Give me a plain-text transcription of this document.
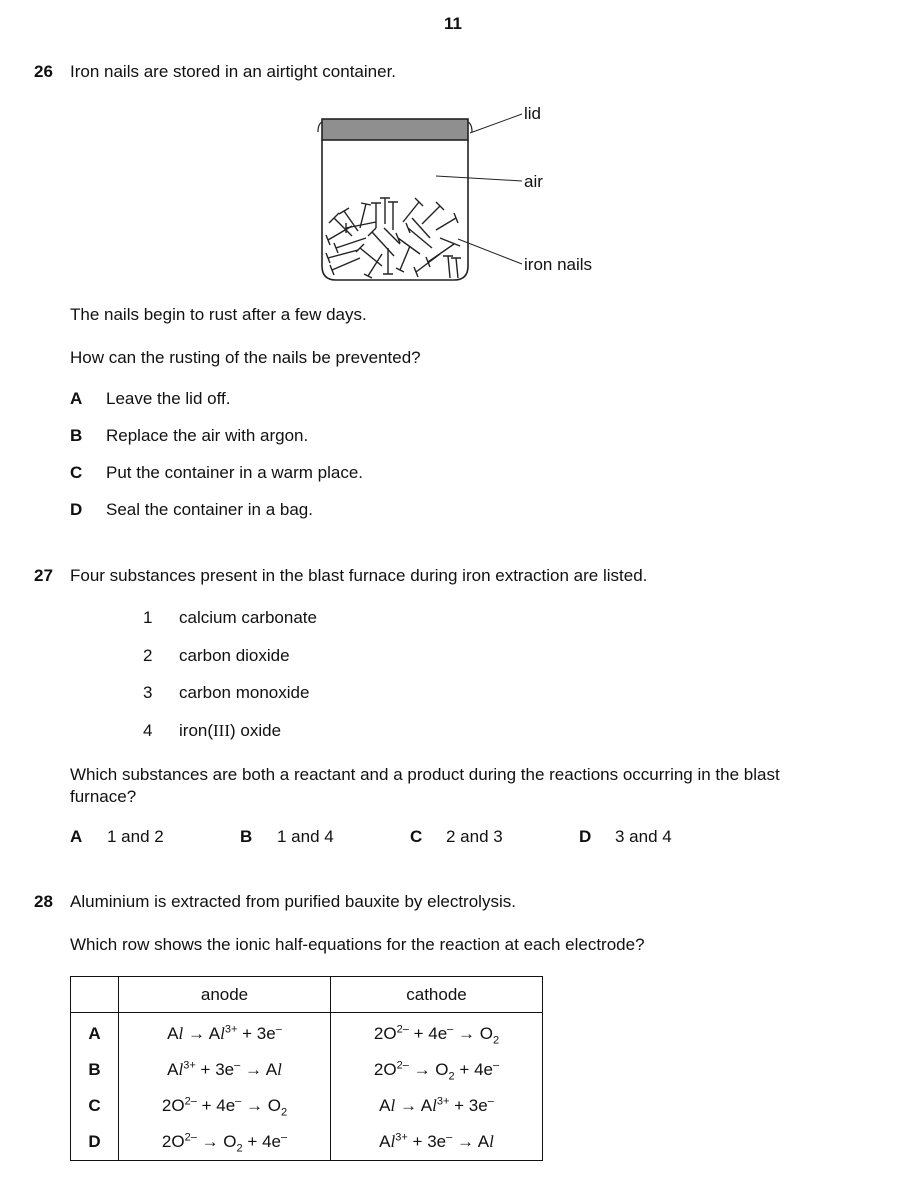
11
26 Iron nails are stored in an airtight container.
lid
air
iron nails
The nails begin to rust after a few days.
How can the rusting of the nails be prevented?
A Leave the lid off.
B Replace the air with argon.
C Put the container in a warm place.
D Seal the container in a bag.
27 Four substances present in the blast furnace during iron extraction are listed.
1 calcium carbonate
2 carbon dioxide
3 carbon monoxide
4 iron(III) oxide
Which substances are both a reactant and a product during the reactions occurring in the blast
furnace?
A 1 and 2	B 1 and 4	C 2 and 3	D 3 and 4
28 Aluminium is extracted from purified bauxite by electrolysis.
Which row shows the ionic half-equations for the reaction at each electrode?
	anode	cathode
A	$Al \to Al^{3+} + 3e^-$	$2O^{2-} + 4e^- \to O_2$
B	$Al^{3+} + 3e^- \to Al$	$2O^{2-} \to O_2 + 4e^-$
C	$2O^{2-} + 4e^- \to O_2$	$Al \to Al^{3+} + 3e^-$
D	$2O^{2-} \to O_2 + 4e^-$	$Al^{3+} + 3e^- \to Al$
